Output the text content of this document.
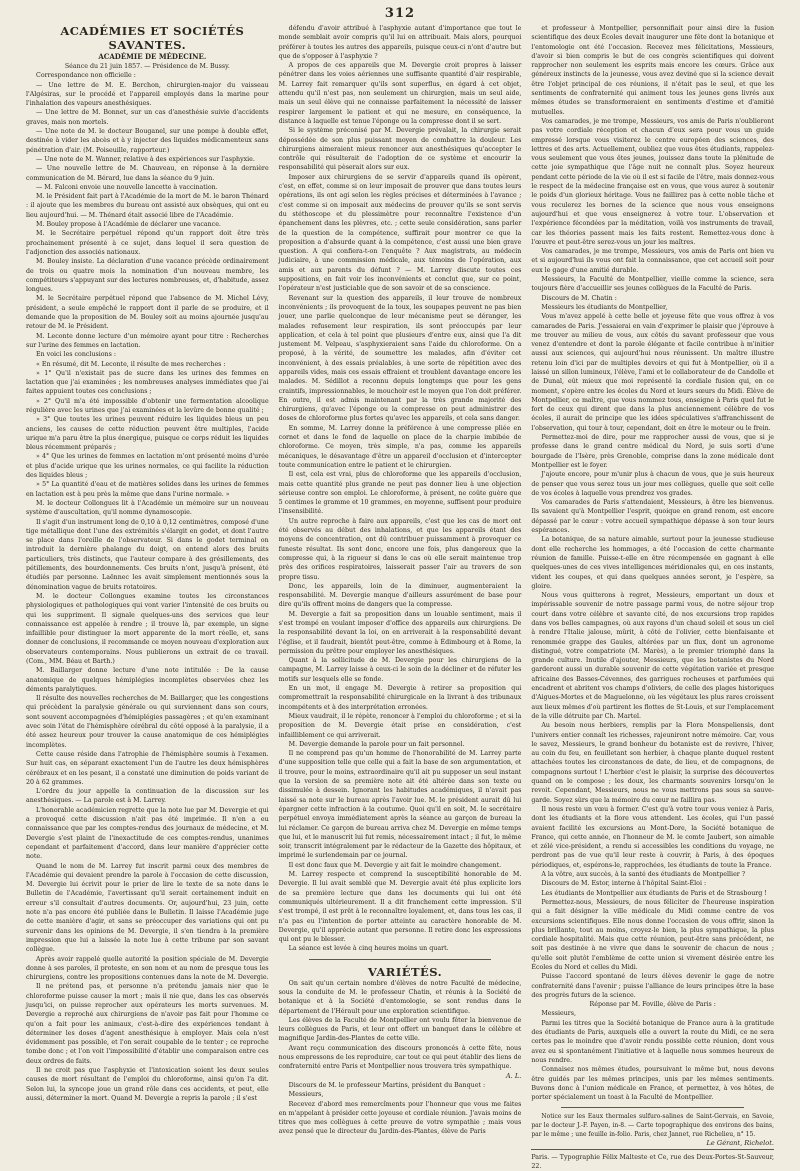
312

ACADÉMIES ET SOCIÉTÉS SAVANTES.

ACADÉMIE DE MÉDECINE.

Séance du 21 juin 1857. — Présidence de M. Bussy.

Correspondance non officielle :

— Une lettre de M. E. Berchon, chirurgien-major du vaisseau l'Algésiras, sur le procédé et l'appareil employés dans la marine pour l'inhalation des vapeurs anesthésiques.

— Une lettre de M. Bonnet, sur un cas d'anesthésie suivie d'accidents graves, mais non mortels.

— Une note de M. le docteur Bouganel, sur une pompe à double effet, destinée à vider les abcès et à y injecter des liquides médicamenteux sans pénétration d'air. (M. Poiseuille, rapporteur.)

— Une note de M. Wanner, relative à des expériences sur l'asphyxie.

— Une nouvelle lettre de M. Chauveau, en réponse à la dernière communication de M. Bérard, lue dans la séance du 9 juin.

— M. Falconi envoie une nouvelle lancette à vaccination.

M. le Président fait part à l'Académie de la mort de M. le baron Thénard : il ajoute que les membres du bureau ont assisté aux obsèques, qui ont eu lieu aujourd'hui. — M. Thénard était associé libre de l'Académie.

M. Bouley propose à l'Académie de déclarer une vacance.

M. le Secrétaire perpétuel répond qu'un rapport doit être très prochainement présenté à ce sujet, dans lequel il sera question de l'adjonction des associés nationaux.

M. Bouley insiste. La déclaration d'une vacance précède ordinairement de trois ou quatre mois la nomination d'un nouveau membre, les compétiteurs s'appuyant sur des lectures nombreuses, et, d'habitude, assez longues.

M. le Secrétaire perpétuel répond que l'absence de M. Michel Lévy, président, a seule empêché le rapport dont il parle de se produire, et il demande que la proposition de M. Bouley soit au moins ajournée jusqu'au retour de M. le Président.

M. Leconte donne lecture d'un mémoire ayant pour titre : Recherches sur l'urine des femmes en lactation.

En voici les conclusions :

« En résumé, dit M. Leconte, il résulte de mes recherches :

» 1° Qu'il n'existait pas de sucre dans les urines des femmes en lactation que j'ai examinées ; les nombreuses analyses immédiates que j'ai faites appuient toutes ces conclusions ;

» 2° Qu'il m'a été impossible d'obtenir une fermentation alcoolique régulière avec les urines que j'ai examinées et la levûre de bonne qualité ;

» 3° Que toutes les urines peuvent réduire les liquides bleus un peu anciens, les causes de cette réduction peuvent être multiples, l'acide urique m'a paru être la plus énergique, puisque ce corps réduit les liquides bleus récemment préparés ;

» 4° Que les urines de femmes en lactation m'ont présenté moins d'urée et plus d'acide urique que les urines normales, ce qui facilite la réduction des liquides bleus ;

» 5° La quantité d'eau et de matières solides dans les urines de femmes en lactation est à peu près la même que dans l'urine normale. »

M. le docteur Collongues lit à l'Académie un mémoire sur un nouveau système d'auscultation, qu'il nomme dynamoscopie.

Il s'agit d'un instrument long de 0,10 à 0,12 centimètres, composé d'une tige métallique dont l'une des extrémités s'élargit en godet, et dont l'autre se place dans l'oreille de l'observateur. Si dans le godet terminal on introduit la dernière phalange du doigt, on entend alors des bruits particuliers, très distincts, que l'auteur compare à des grésillements, des pétillements, des bourdonnements. Ces bruits n'ont, jusqu'à présent, été étudiés par personne. Laënnec les avait simplement mentionnés sous la dénomination vague de bruits rotatoires.

M. le docteur Collongues examine toutes les circonstances physiologiques et pathologiques qui vont varier l'intensité de ces bruits ou qui les suppriment. Il signale quelques-uns des services que leur connaissance est appelée à rendre ; il trouve là, par exemple, un signe infaillible pour distinguer la mort apparente de la mort réelle, et, sans donner de conclusions, il recommande ce moyen nouveau d'exploration aux observateurs contemporains. Nous publierons un extrait de ce travail. (Com., MM. Béau et Barth.)

M. Baillarger donne lecture d'une note intitulée : De la cause anatomique de quelques hémiplégies incomplètes observées chez les déments paralytiques.

Il résulte des nouvelles recherches de M. Baillarger, que les congestions qui précèdent la paralysie générale ou qui surviennent dans son cours, sont souvent accompagnées d'hémiplégies passagères ; et qu'en examinant avec soin l'état de l'hémisphère cérébral du côté opposé à la paralysie, il a été assez heureux pour trouver la cause anatomique de ces hémiplégies incomplètes.

Cette cause réside dans l'atrophie de l'hémisphère soumis à l'examen. Sur huit cas, en séparant exactement l'un de l'autre les deux hémisphères cérébraux et en les pesant, il a constaté une diminution de poids variant de 20 à 62 grammes.

L'ordre du jour appelle la continuation de la discussion sur les anesthésiques. — La parole est à M. Larrey.

L'honorable académicien regrette que la note lue par M. Devergie et qui a provoqué cette discussion n'ait pas été imprimée. Il n'en a eu connaissance que par les comptes-rendus des journaux de médecine, et M. Devergie s'est plaint de l'inexactitude de ces comptes-rendus, unanimes cependant et parfaitement d'accord, dans leur manière d'apprécier cette note.

Quand le nom de M. Larrey fut inscrit parmi ceux des membres de l'Académie qui devaient prendre la parole à l'occasion de cette discussion, M. Devergie lui écrivit pour le prier de lire le texte de sa note dans le Bulletin de l'Académie, l'avertissant qu'il serait certainement induit en erreur s'il consultait d'autres documents. Or, aujourd'hui, 23 juin, cette note n'a pas encore été publiée dans le Bulletin. Il laisse l'Académie juge de cette manière d'agir, et sans se préoccuper des variations qui ont pu survenir dans les opinions de M. Devergie, il s'en tiendra à la première impression que lui a laissée la note lue à cette tribune par son savant collègue.

Après avoir rappelé quelle autorité la position spéciale de M. Devergie donne à ses paroles, il proteste, en son nom et au nom de presque tous les chirurgiens, contre les propositions contenues dans la note de M. Devergie.

Il ne prétend pas, et personne n'a prétendu jamais nier que le chloroforme puisse causer la mort ; mais il nie que, dans les cas observés jusqu'ici, on puisse reprocher aux opérateurs les morts survenues. M. Devergie a reproché aux chirurgiens de n'avoir pas fait pour l'homme ce qu'on a fait pour les animaux, c'est-à-dire des expériences tendant à déterminer les doses d'agent anesthésique à employer. Mais cela n'est évidemment pas possible, et l'on serait coupable de le tenter ; ce reproche tombe donc ; et l'on voit l'impossibilité d'établir une comparaison entre ces deux ordres de faits.

Il ne croit pas que l'asphyxie et l'intoxication soient les deux seules causes de mort résultant de l'emploi du chloroforme, ainsi qu'on l'a dit. Selon lui, la syncope joue un grand rôle dans ces accidents, et peut, elle aussi, déterminer la mort. Quand M. Devergie a repris la parole ; il s'est

défendu d'avoir attribué à l'asphyxie autant d'importance que tout le monde semblait avoir compris qu'il lui en attribuait. Mais alors, pourquoi préférer à toutes les autres des appareils, puisque ceux-ci n'ont d'autre but que de s'opposer à l'asphyxie ?

A propos de ces appareils que M. Devergie croit propres à laisser pénétrer dans les voies aériennes une suffisante quantité d'air respirable, M. Larrey fait remarquer qu'ils sont superflus, en égard à cet objet, attendu qu'il n'est pas, non seulement un chirurgien, mais un seul aide, mais un seul élève qui ne connaisse parfaitement la nécessité de laisser respirer largement le patient et qui ne mesure, en conséquence, la distance à laquelle est tenue l'éponge ou la compresse dont il se sert.

Si le système préconisé par M. Devergie prévalait, la chirurgie serait dépossédée de son plus puissant moyen de combattre la douleur. Les chirurgiens aimeraient mieux renoncer aux anesthésiques qu'accepter le contrôle qui résulterait de l'adoption de ce système et encourir la responsabilité qui pèserait alors sur eux.

Imposer aux chirurgiens de se servir d'appareils quand ils opèrent, c'est, en effet, comme si on leur imposait de prouver que dans toutes leurs opérations, ils ont agi selon les règles précises et déterminées à l'avance ; c'est comme si on imposait aux médecins de prouver qu'ils se sont servis du stéthoscope et du plessimètre pour reconnaître l'existence d'un épanchement dans les plèvres, etc. ; cette seule considération, sans parler de la question de la compétence, suffirait pour montrer ce que la proposition a d'absurde quant à la compétence, c'est aussi une bien grave question. A qui confiera-t-on l'enquête ? Aux magistrats, au médecin judiciaire, à une commission médicale, aux témoins de l'opération, aux amis et aux parents du défunt ? — M. Larrey discute toutes ces suppositions, en fait voir les inconvénients et conclut que, sur ce point, l'opérateur n'est justiciable que de son savoir et de sa conscience.

Revenant sur la question des appareils, il leur trouve de nombreux inconvénients ; ils provoquent de la toux, les soupapes peuvent ne pas bien jouer, une parlie quelconque de leur mécanisme peut se déranger, les malades refusement leur respiration, ils sont préoccupés par leur application, et cela à tel point que plusieurs d'entre eux, ainsi que l'a dit justement M. Velpeau, s'asphyxieraient sans l'aide du chloroforme. On a proposé, à la vérité, de soumettre les malades, afin d'éviter cet inconvénient, à des essais préalables, à une sorte de répétition avec des appareils vides, mais ces essais effraient et troublent davantage encore les malades. M. Sédillot a reconnu depuis longtemps que pour les gens craintifs, impressionnables, le mouchoir est le moyen que l'on doit préférer. En outre, il est admis maintenant par la très grande majorité des chirurgiens, qu'avec l'éponge ou la compresse on peut administrer des doses de chloroforme plus fortes qu'avec les appareils, et cela sans danger.

En somme, M. Larrey donne la préférence à une compresse pliée en cornet et dans le fond de laquelle on place de la charpie imbibée de chloroforme. Ce moyen, très simple, n'a pas, comme les appareils mécaniques, le désavantage d'être un appareil d'occlusion et d'intercepter toute communication entre le patient et le chirurgien.

Il est, cela est vrai, plus de chloroforme que les appareils d'occlusion, mais cette quantité plus grande ne peut pas donner lieu à une objection sérieuse contre son emploi. Le chloroforme, à présent, ne coûte guère que 5 centimes le gramme et 10 grammes, en moyenne, suffisent pour produire l'insensibilité.

Un autre reproche à faire aux appareils, c'est que les cas de mort ont été observés au début des inhalations, et que les appareils étant des moyens de concentration, ont dû contribuer puissamment à provoquer ce funeste résultat. Ils sont donc, encore une fois, plus dangereux que la compresse qui, à la rigueur si dans le cas où elle serait maintenue trop près des orifices respiratoires, laisserait passer l'air au travers de son propre tissu.

Donc, les appareils, loin de la diminuer, augmenteraient la responsabilité. M. Devergie manque d'ailleurs assurément de base pour dire qu'ils offrent moins de dangers que la compresse.

M. Devergie a fait sa proposition dans un louable sentiment, mais il s'est trompé en voulant imposer d'office des appareils aux chirurgiens. De la responsabilité devant la loi, on en arriverait à la responsabilité devant l'église, et il faudrait, bientôt peut-être, comme à Édimbourg et à Rome, la permission du prêtre pour employer les anesthésiques.

Quant à la sollicitude de M. Devergie pour les chirurgiens de la campagne, M. Larrey laisse à ceux-ci le soin de la décliner et de réfuter les motifs sur lesquels elle se fonde.

En un mot, il engage M. Devergie à retirer sa proposition qui compromettrait la responsabilité chirurgicale en la livrant à des tribunaux incompétents et à des interprétation erronées.

Mieux vaudrait, il le répète, renoncer à l'emploi du chloroforme ; et si la proposition de M. Devergie était prise en considération, c'est infailliblement ce qui arriverait.

M. Devergie demande la parole pour un fait personnel.

Il ne comprend pas qu'un homme de l'honorabilité de M. Larrey parte d'une supposition telle que celle qui a fait la base de son argumentation, et il trouve, pour le moins, extraordinaire qu'il ait pu supposer un seul instant que la version de sa première note ait été altérée dans son texte ou dissimulée à dessein. Ignorant les habitudes académiques, il n'avait pas laissé sa note sur le bureau après l'avoir lue. M. le président aurait dû lui épargner cette infraction à la coutume. Quoi qu'il en soit, M. le secrétaire perpétuel envoya immédiatement après la séance au garçon de bureau la lui réclamer. Ce garçon de bureau arriva chez M. Devergie en même temps que lui, et le manuscrit lui fut remis, nécessairement intact ; il fut, le même soir, transcrit intégralement par le rédacteur de la Gazette des hôpitaux, et imprimé le surlendemain par ce journal.

Il est donc faux que M. Devergie y ait fait le moindre changement.

M. Larrey respecte et comprend la susceptibilité honorable de M. Devergie. Il lui avait semblé que M. Devergie avait été plus explicite lors de sa première lecture que dans les documents qui lui ont été communiqués ultérieurement. Il a dit franchement cette impression. S'il s'est trompé, il est prêt à le reconnaître loyalement, et, dans tous les cas, il n'a pas eu l'intention de porter atteinte au caractère honorable de M. Devergie, qu'il apprécie autant que personne. Il retire donc les expressions qui ont pu le blesser.

La séance est levée à cinq heures moins un quart.

VARIÉTÉS.

On sait qu'un certain nombre d'élèves de notre Faculté de médecine, sous la conduite de M. le professeur Chatin, et réunis à la Société de botanique et à la Société d'entomologie, se sont rendus dans le département de l'Hérault pour une exploration scientifique.

Les élèves de la Faculté de Montpellier ont voulu fêter la bienvenue de leurs collègues de Paris, et leur ont offert un banquet dans le célèbre et magnifique Jardin-des-Plantes de cette ville.

Avant reçu communication des discours prononcés à cette fête, nous nous empressons de les reproduire, car tout ce qui peut établir des liens de confraternité entre Paris et Montpellier nous trouvera très sympathique.

A. L.

Discours de M. le professeur Martins, président du Banquet :

Messieurs,

Recevez d'abord mes remercîments pour l'honneur que vous me faites en m'appelant à présider cette joyeuse et cordiale réunion. J'avais moins de titres que mes collègues à cette preuve de votre sympathie ; mais vous avez pensé que le directeur du Jardin-des-Plantes, élève de Paris

et professeur à Montpellier, personnifiait pour ainsi dire la fusion scientifique des deux Écoles devait inaugurer une fête dont la botanique et l'entomologie ont été l'occasion. Recevez mes félicitations, Messieurs, d'avoir si bien compris le but de ces congrès scientifiques qui doivent rapprocher non seulement les esprits mais encore les cœurs. Grâce aux généreux instincts de la jeunesse, vous avez deviné que si la science devait être l'objet principal de ces réunions, il n'était pas le seul, et que les sentiments de confraternité qui animent tous les jeunes gens livrés aux mêmes études se transformeraient en sentiments d'estime et d'amitié mutuelles.

Vos camarades, je me trompe, Messieurs, vos amis de Paris n'oublieront pas votre cordiale réception et chacun d'eux sera pour vous un guide empressé lorsque vous visiterez le centre européen des sciences, des lettres et des arts. Actuellement, oubliez que vous êtes étudiants, rappelez-vous seulement que vous êtes jeunes, jouissez dans toute la plénitude de cette joie sympathique que l'âge nuit ne connaît plus. Soyez heureux pendant cette période de la vie où il est si facile de l'être, mais donnez-vous le respect de la médecine française est en vous, que vous aurez à soutenir le poids d'un glorieux héritage. Vous ne faillirez pas à cette noble tâche et vous reculerez les bornes de la science que nous vous enseignons aujourd'hui et que vous enseignerez à votre tour. L'observation et l'expérience fécondées par la méditation, voilà vos instruments de travail, car les théories passent mais les faits restent. Remettez-vous donc à l'œuvre et peut-être serez-vous un jour les maîtres.

Vos camarades, je me trompe, Messieurs, vos amis de Paris ont bien vu et si aujourd'hui ils vous ont fait la connaissance, que cet accueil soit pour eux le gage d'une amitié durable.

Messieurs, la Faculté de Montpellier, vieille comme la science, sera toujours fière d'accueillir ses jeunes collègues de la Faculté de Paris.

Discours de M. Chatin :

Messieurs les étudiants de Montpellier,

Vous m'avez appelé à cette belle et joyeuse fête que vous offrez à vos camarades de Paris. J'essaierai en vain d'exprimer le plaisir que j'éprouve à me trouver au milieu de vous, aux côtés du savant professeur que vous venez d'entendre et dont la parole élégante et facile contribue à m'initier aussi aux sciences, qui aujourd'hui nous réunissent. Un maître illustre retenu loin d'ici par de multiples devoirs et qui fut à Montpellier, où il a laissé un sillon lumineux, l'élève, l'ami et le collaborateur de de Candolle et de Dunal, eût mieux que moi représenté la cordiale fusion qui, en ce moment, s'opère entre les écoles du Nord et leurs sœurs du Midi. Élève de Montpellier, ce maître, que vous nommez tous, enseigne à Paris quel fut le fort de ceux qui dirent que dans la plus anciennement célèbre de vos écoles, il aurait de principe que les idées spéculatives s'affranchissent de l'observation, qui tour à tour, cependant, doit en être le moteur ou le frein.

Permettez-moi de dire, pour me rapprocher aussi de vous, que si je professe dans le grand centre médical du Nord, je suis sorti d'une bourgade de l'Isère, près Grenoble, comprise dans la zone médicale dont Montpellier est le foyer.

J'ajoute encore, pour m'unir plus à chacun de vous, que je suis heureux de penser que vous serez tous un jour mes collègues, quelle que soit celle de vos écoles à laquelle vous prendrez vos grades.

Vos camarades de Paris s'attendaient, Messieurs, à être les bienvenus. Ils savaient qu'à Montpellier l'esprit, quoique en grand renom, est encore dépassé par le cœur : votre accueil sympathique dépasse à son tour leurs espérances.

La botanique, de sa nature aimable, surtout pour la jeunesse studieuse dont elle recherche les hommages, a été l'occasion de cette charmante réunion de famille. Puisse-t-elle en être récompensée en gagnant à elle quelques-unes de ces vives intelligences méridionales qui, en ces instants, vident les coupes, et qui dans quelques années seront, je l'espère, sa gloire.

Nous vous quitterons à regret, Messieurs, emportant un doux et impérissable souvenir de notre passage parmi vous, de notre séjour trop court dans votre célèbre et savante cité, de nos excursions trop rapides dans vos belles campagnes, où aux rayons d'un chaud soleil et sous un ciel à rendre l'Italie jalouse, mûrit, à côté de l'olivier, cette bienfaisante et renommée grappe des Gaules, altérées par un flux, dont un agronome distingué, votre compatriote (M. Marès), a le premier triomphé dans la grande culture. Inutile d'ajouter, Messieurs, que les botanistes du Nord garderont aussi un durable souvenir de cette végétation variée et presque africaine des Basses-Cévennes, des garrigues rocheuses et parfumées qui encadrent et abritent vos champs d'oliviers, de celle des plages historiques d'Aigues-Mortes et de Maguelonne, où les végétaux les plus rares croissent aux lieux mêmes d'où partirent les flottes de St-Louis, et sur l'emplacement de la ville détruite par Ch. Martel.

Au besoin nous herbiers, remplis par la Flora Monspeliensis, dont l'univers entier connaît les richesses, rajeuniront notre mémoire. Car, vous le savez, Messieurs, le grand bonheur du botaniste est de revivre, l'hiver, au coin du feu, en feuilletant son herbier, à chaque plante duquel restent attachées toutes les circonstances de date, de lieu, et de compagnons, de compagnons surtout ! L'herbier c'est le plaisir, la surprise des découvertes quand on le compose ; les doux, les charmants souvenirs lorsqu'on le revoit. Cependant, Messieurs, nous ne vous mettrons pas sous sa sauve-garde. Soyez sûrs que la mémoire du cœur ne faillira pas.

Il nous reste un vœu à former. C'est qu'à votre tour vous veniez à Paris, dont les étudiants et la flore vous attendent. Les écoles, qui l'un passé avaient facilité les excursions au Mont-Dore, la Société botanique de France, qui cette année, en l'honneur de M. le comte Jaubert, son aimable et zélé vice-président, a rendu si accessibles les conditions du voyage, ne perdront pas de vue qu'il leur reste à couvrir, à Paris, à des époques périodiques, et, espérons-le, rapprochées, les étudiants de toute la France.

A la vôtre, aux succès, à la santé des étudiants de Montpellier ?

Discours de M. Estor, interne à l'hôpital Saint-Éloi :

Les étudiants de Montpellier aux étudiants de Paris et de Strasbourg !

Permettez-nous, Messieurs, de nous féliciter de l'heureuse inspiration qui a fait désigner la ville médicale du Midi comme centre de vos excursions scientifiques. Elle nous donne l'occasion de vous offrir, sinon la plus brillante, tout au moins, croyez-le bien, la plus sympathique, la plus cordiale hospitalité. Mais que cette réunion, peut-être sans précédent, ne soit pas destinée à ne vivre que dans le souvenir de chacun de nous ; qu'elle soit plutôt l'emblème de cette union si vivement désirée entre les Écoles du Nord et celles du Midi.

Puisse l'accord spontané de leurs élèves devenir le gage de notre confraternité dans l'avenir ; puisse l'alliance de leurs principes être la base des progrès futurs de la science.

Réponse par M. Foville, élève de Paris :

Messieurs,

Parmi les titres que la Société botanique de France aura à la gratitude des étudiants de Paris, auxquels elle a ouvert la route du Midi, ce ne sera certes pas le moindre que d'avoir rendu possible cette réunion, dont vous avez eu si spontanément l'initiative et à laquelle nous sommes heureux de nous rendre.

Connaisez nos mêmes études, poursuivant le même but, nous devons être guidés par les mêmes principes, unis par les mêmes sentiments. Buvons donc à l'union médicale en France, et permettez, à vos hôtes, de porter spécialement un toast à la Faculté de Montpellier.

Notice sur les Eaux thermales sulfuro-salines de Saint-Gervais, en Savoie, par le docteur J.-F. Payen, in-8. — Carte topographique des environs des bains, par le même ; une feuille in-folio. Paris, chez Jannet, rue Richelieu, n° 15.

Le Gérant, Richelot.

Paris. — Typographie Félix Malteste et Ce, rue des Deux-Portes-St-Sauveur, 22.
